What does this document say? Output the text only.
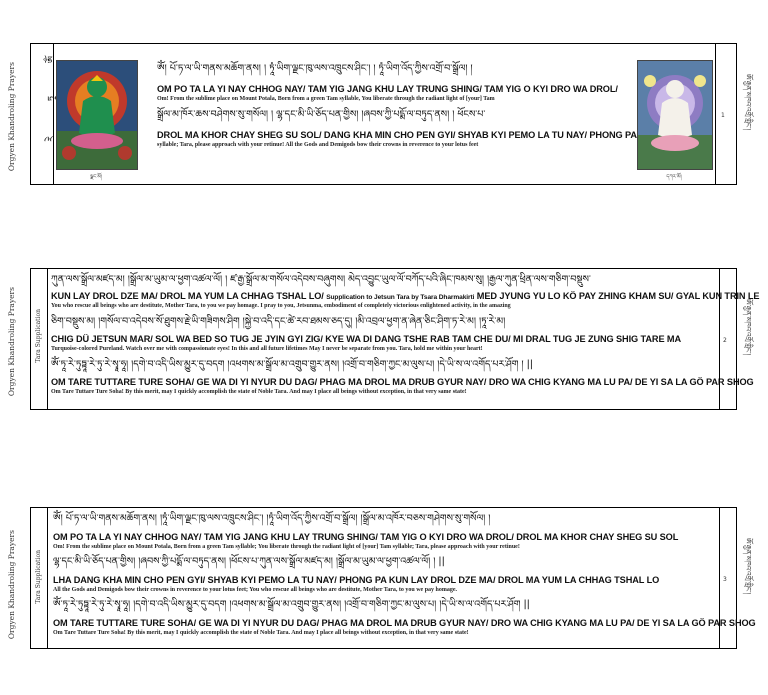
Orgyen Khandroling Prayers
ཨོཾ
ཏཱ
རེ
ལྗང་མོ།
ཨོཾ། པོ་ཏ་ལ་ཡི་གནས་མཆོག་ནས། ། ཏཱཾ་ཡིག་ལྗང་ཁུ་ལས་འཁྲུངས་ཤིང་། ། ཏཱཾ་ཡིག་འོད་ཀྱིས་འགྲོ་བ་སྒྲོལ། །
OM PO TA LA YI NAY CHHOG NAY/ TAM YIG JANG KHU LAY TRUNG SHING/ TAM YIG O KYI DRO WA DROL/
Om! From the sublime place on Mount Potala, Born from a green Tam syllable, You liberate through the radiant light of [your] Tam
སྒྲོལ་མ་ཁོར་ཆས་བཤེགས་སུ་གསོལ། ། ལྷ་དང་མི་ཡི་ཅོད་པན་གྱིས། །ཞབས་ཀྱི་པདྨོ་ལ་བཏུད་ནས། ། ཕོངས་པ་
DROL MA KHOR CHAY SHEG SU SOL/ DANG KHA MIN CHO PEN GYI/ SHYAB KYI PEMO LA TU NAY/ PHONG PA
syllable; Tara, please approach with your retinue! All the Gods and Demigods bow their crowns in reverence to your lotus feet
དཀར་མོ།
1	ཨོ་རྒྱན་མཁའ་འགྲོ་གླིང་།
Orgyen Khandroling Prayers	Tara Supplication
ཀུན་ལས་སྒྲོལ་མཛད་མ། །སྒྲོལ་མ་ཡུམ་ལ་ཕྱག་འཚལ་ལོ། ། ཛ་རྒྱ་སྒྲོལ་མ་གསོལ་འདེབས་བཞུགས། མེད་འབྱུང་ཡུལ་ལོ་བཀོད་པའི་ཞིང་ཁམས་སུ། །རྒྱལ་ཀུན་ཕྲིན་ལས་གཅིག་བསྡུས་
KUN LAY DROL DZE MA/ DROL MA YUM LA CHHAG TSHAL LO/ Supplication to Jetsun Tara by Tsara Dharmakirti MED JYUNG YU LO KÖ PAY ZHING KHAM SU/ GYAL KUN TRIN LE
You who rescue all beings who are destitute, Mother Tara, to you we pay homage. I pray to you, Jetsunma, embodiment of completely victorious enlightened activity, in the amazing
ཅིག་བསྡུས་མ། །གསོལ་བ་འདེབས་སོ་ཐུགས་རྗེ་ཡི་གཟིགས་ཤིག །སྐྱེ་བ་འདི་དང་ཚེ་རབ་ཐམས་ཅད་དུ། །མི་འབྲལ་ཕྱག་ན་ཞེན་ཅིང་ཤིག་ཏ་རེ་མ། །ཏཱ་རེ་མ།
CHIG DÜ JETSUN MAR/ SOL WA BED SO TUG JE JYIN GYI ZIG/ KYE WA DI DANG TSHE RAB TAM CHE DU/ MI DRAL TUG JE ZUNG SHIG TARE MA
Turquoise-colored Pureland. Watch over me with compassionate eyes! In this and all future lifetimes May I never be separate from you. Tara, hold me within your heart!
ཨོཾ་ཏཱ་རེ་ཏུཏྟཱ་རེ་ཏུ་རེ་སྭཱ་ཧཱ། །དགེ་བ་འདི་ཡིས་མྱུར་དུ་བདག །འཕགས་མ་སྒྲོལ་མ་འགྲུབ་གྱུར་ནས། །འགྲོ་བ་གཅིག་ཀྱང་མ་ལུས་པ། །དེ་ཡི་ས་ལ་འགོད་པར་ཤོག ། ||
OM TARE TUTTARE TURE SOHA/ GE WA DI YI NYUR DU DAG/ PHAG MA DROL MA DRUB GYUR NAY/ DRO WA CHIG KYANG MA LU PA/ DE YI SA LA GÖ PAR SHOG
Om Tare Tuttare Ture Soha! By this merit, may I quickly accomplish the state of Noble Tara. And may I place all beings without exception, in that very same state!
2	ཨོ་རྒྱན་མཁའ་འགྲོ་གླིང་།
Orgyen Khandroling Prayers	Tara Supplication
ཨོཾ། པོ་ཏ་ལ་ཡི་གནས་མཆོག་ནས། །ཏཱཾ་ཡིག་ལྗང་ཁུ་ལས་འཁྲུངས་ཤིང་། །ཏཱཾ་ཡིག་འོད་ཀྱིས་འགྲོ་བ་སྒྲོལ། །སྒྲོལ་མ་འཁོར་བཅས་གཤེགས་སུ་གསོལ། །
OM PO TA LA YI NAY CHHOG NAY/ TAM YIG JANG KHU LAY TRUNG SHING/ TAM YIG O KYI DRO WA DROL/ DROL MA KHOR CHAY SHEG SU SOL
Om! From the sublime place on Mount Potala, Born from a green Tam syllable; You liberate through the radiant light of [your] Tam syllable; Tara, please approach with your retinue!
ལྷ་དང་མི་ཡི་ཅོད་པན་གྱིས། །ཞབས་ཀྱི་པདྨོ་ལ་བཏུད་ནས། །ཕོངས་པ་ཀུན་ལས་སྒྲོལ་མཛད་མ། །སྒྲོལ་མ་ཡུམ་ལ་ཕྱག་འཚལ་ལོ། ། ||
LHA DANG KHA MIN CHO PEN GYI/ SHYAB KYI PEMO LA TU NAY/ PHONG PA KUN LAY DROL DZE MA/ DROL MA YUM LA CHHAG TSHAL LO
All the Gods and Demigods bow their crowns in reverence to your lotus feet; You who rescue all beings who are destitute, Mother Tara, to you we pay homage.
ཨོཾ་ཏཱ་རེ་ཏུཏྟཱ་རེ་ཏུ་རེ་སྭཱ་ཧཱ། །དགེ་བ་འདི་ཡིས་མྱུར་དུ་བདག །འཕགས་མ་སྒྲོལ་མ་འགྲུབ་གྱུར་ནས། །འགྲོ་བ་གཅིག་ཀྱང་མ་ལུས་པ། །དེ་ཡི་ས་ལ་འགོད་པར་ཤོག ||
OM TARE TUTTARE TURE SOHA/ GE WA DI YI NYUR DU DAG/ PHAG MA DROL MA DRUB GYUR NAY/ DRO WA CHIG KYANG MA LU PA/ DE YI SA LA GÖ PAR SHOG
Om Tare Tuttare Ture Soha! By this merit, may I quickly accomplish the state of Noble Tara. And may I place all beings without exception, in that very same state!
3	ཨོ་རྒྱན་མཁའ་འགྲོ་གླིང་།
